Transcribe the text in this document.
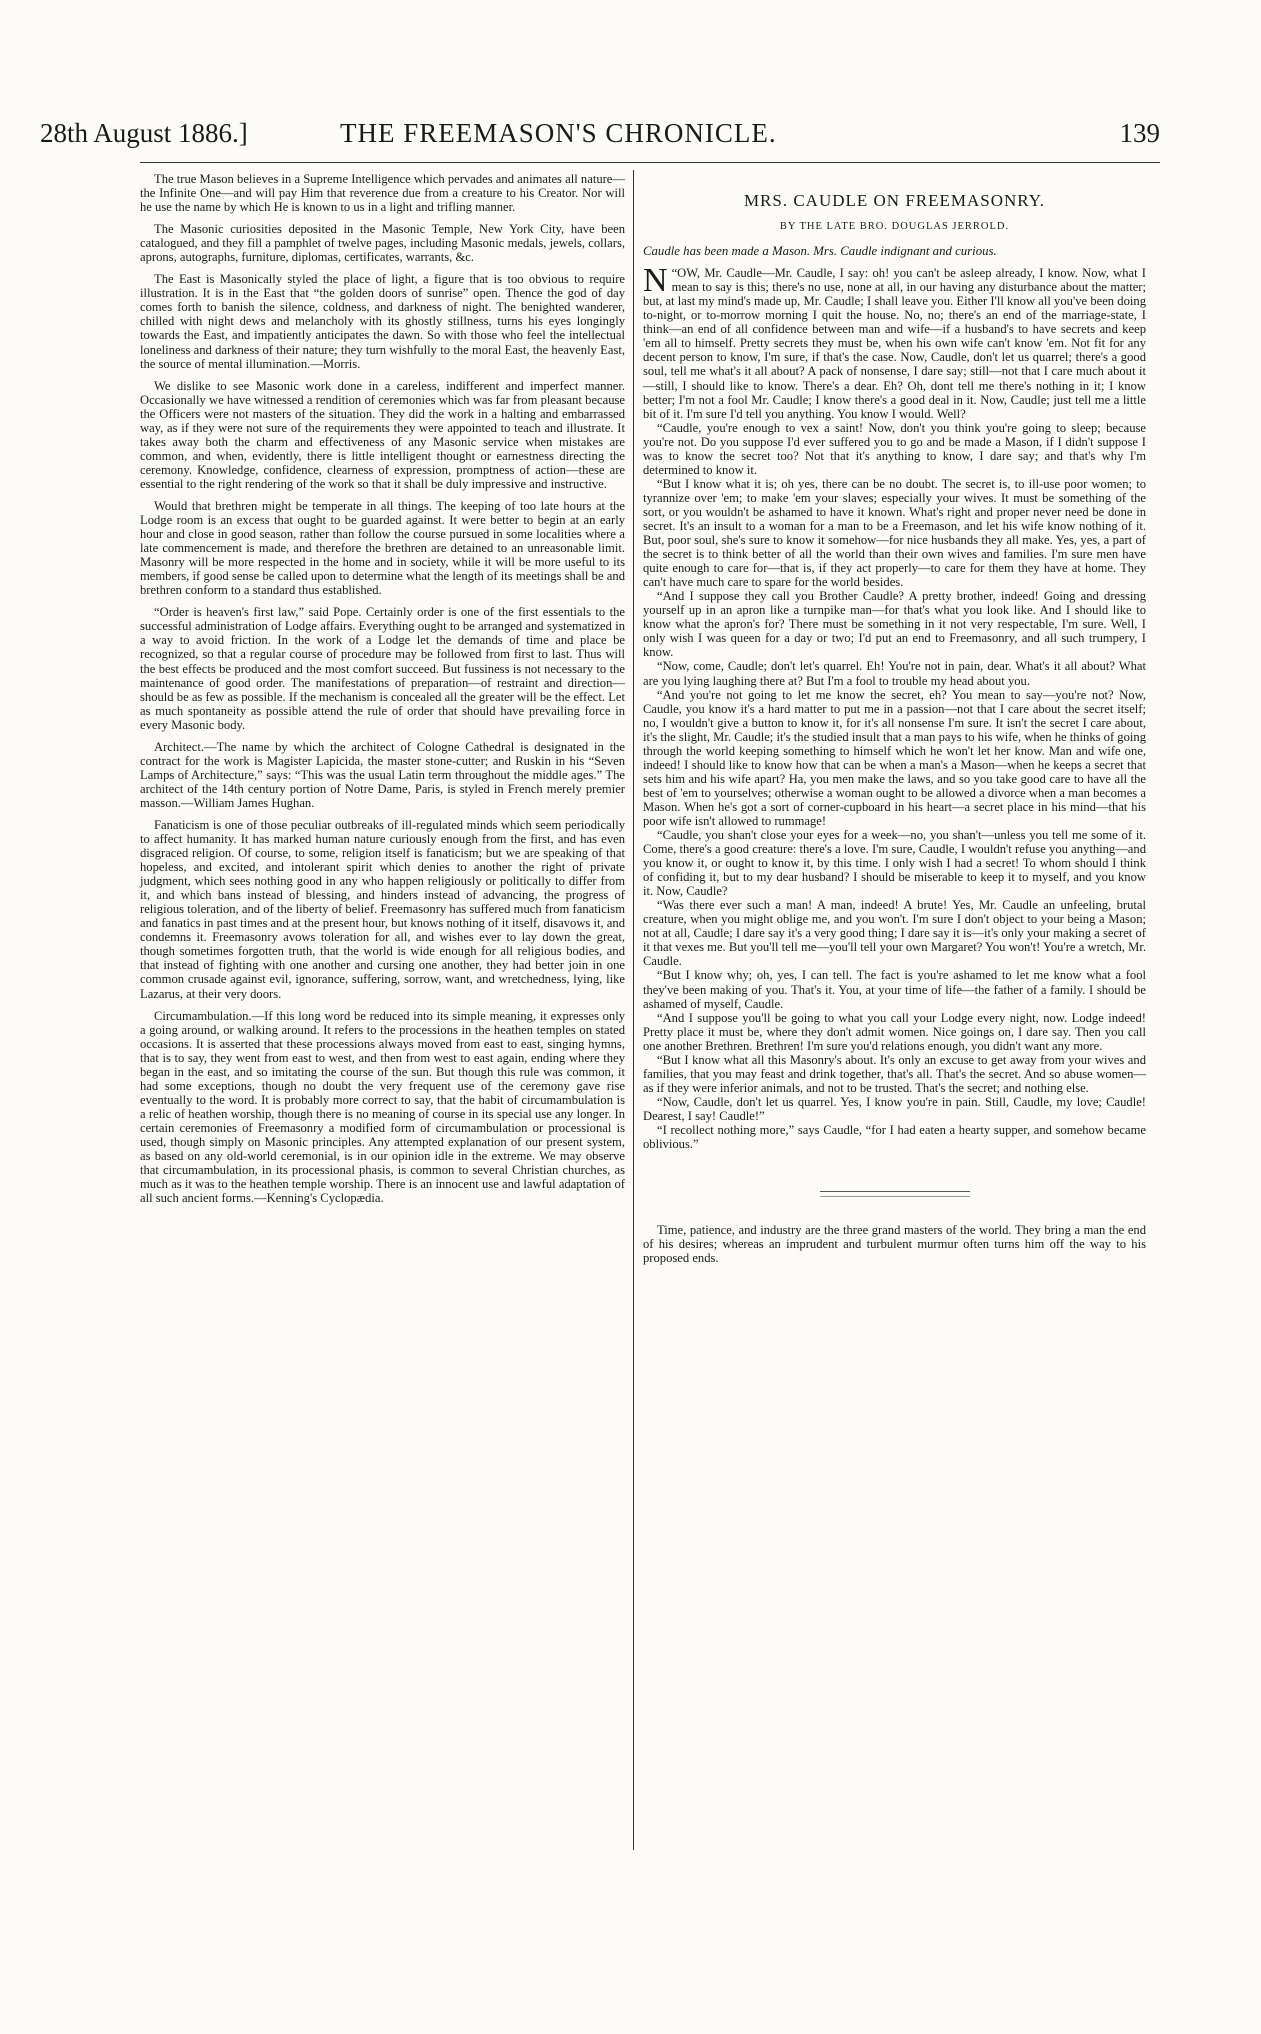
28th August 1886.]	THE FREEMASON'S CHRONICLE.	139

The true Mason believes in a Supreme Intelligence which pervades and animates all nature—the Infinite One—and will pay Him that reverence due from a creature to his Creator. Nor will he use the name by which He is known to us in a light and trifling manner.

The Masonic curiosities deposited in the Masonic Temple, New York City, have been catalogued, and they fill a pamphlet of twelve pages, including Masonic medals, jewels, collars, aprons, autographs, furniture, diplomas, certificates, warrants, &c.

The East is Masonically styled the place of light, a figure that is too obvious to require illustration. It is in the East that “the golden doors of sunrise” open. Thence the god of day comes forth to banish the silence, coldness, and darkness of night. The benighted wanderer, chilled with night dews and melancholy with its ghostly stillness, turns his eyes longingly towards the East, and impatiently anticipates the dawn. So with those who feel the intellectual loneliness and darkness of their nature; they turn wishfully to the moral East, the heavenly East, the source of mental illumination.—Morris.

We dislike to see Masonic work done in a careless, indifferent and imperfect manner. Occasionally we have witnessed a rendition of ceremonies which was far from pleasant because the Officers were not masters of the situation. They did the work in a halting and embarrassed way, as if they were not sure of the requirements they were appointed to teach and illustrate. It takes away both the charm and effectiveness of any Masonic service when mistakes are common, and when, evidently, there is little intelligent thought or earnestness directing the ceremony. Knowledge, confidence, clearness of expression, promptness of action—these are essential to the right rendering of the work so that it shall be duly impressive and instructive.

Would that brethren might be temperate in all things. The keeping of too late hours at the Lodge room is an excess that ought to be guarded against. It were better to begin at an early hour and close in good season, rather than follow the course pursued in some localities where a late commencement is made, and therefore the brethren are detained to an unreasonable limit. Masonry will be more respected in the home and in society, while it will be more useful to its members, if good sense be called upon to determine what the length of its meetings shall be and brethren conform to a standard thus established.

“Order is heaven's first law,” said Pope. Certainly order is one of the first essentials to the successful administration of Lodge affairs. Everything ought to be arranged and systematized in a way to avoid friction. In the work of a Lodge let the demands of time and place be recognized, so that a regular course of procedure may be followed from first to last. Thus will the best effects be produced and the most comfort succeed. But fussiness is not necessary to the maintenance of good order. The manifestations of preparation—of restraint and direction—should be as few as possible. If the mechanism is concealed all the greater will be the effect. Let as much spontaneity as possible attend the rule of order that should have prevailing force in every Masonic body.

Architect.—The name by which the architect of Cologne Cathedral is designated in the contract for the work is Magister Lapicida, the master stone-cutter; and Ruskin in his “Seven Lamps of Architecture,” says: “This was the usual Latin term throughout the middle ages.” The architect of the 14th century portion of Notre Dame, Paris, is styled in French merely premier masson.—William James Hughan.

Fanaticism is one of those peculiar outbreaks of ill-regulated minds which seem periodically to affect humanity. It has marked human nature curiously enough from the first, and has even disgraced religion. Of course, to some, religion itself is fanaticism; but we are speaking of that hopeless, and excited, and intolerant spirit which denies to another the right of private judgment, which sees nothing good in any who happen religiously or politically to differ from it, and which bans instead of blessing, and hinders instead of advancing, the progress of religious toleration, and of the liberty of belief. Freemasonry has suffered much from fanaticism and fanatics in past times and at the present hour, but knows nothing of it itself, disavows it, and condemns it. Freemasonry avows toleration for all, and wishes ever to lay down the great, though sometimes forgotten truth, that the world is wide enough for all religious bodies, and that instead of fighting with one another and cursing one another, they had better join in one common crusade against evil, ignorance, suffering, sorrow, want, and wretchedness, lying, like Lazarus, at their very doors.

Circumambulation.—If this long word be reduced into its simple meaning, it expresses only a going around, or walking around. It refers to the processions in the heathen temples on stated occasions. It is asserted that these processions always moved from east to east, singing hymns, that is to say, they went from east to west, and then from west to east again, ending where they began in the east, and so imitating the course of the sun. But though this rule was common, it had some exceptions, though no doubt the very frequent use of the ceremony gave rise eventually to the word. It is probably more correct to say, that the habit of circumambulation is a relic of heathen worship, though there is no meaning of course in its special use any longer. In certain ceremonies of Freemasonry a modified form of circumambulation or processional is used, though simply on Masonic principles. Any attempted explanation of our present system, as based on any old-world ceremonial, is in our opinion idle in the extreme. We may observe that circumambulation, in its processional phasis, is common to several Christian churches, as much as it was to the heathen temple worship. There is an innocent use and lawful adaptation of all such ancient forms.—Kenning's Cyclopædia.

MRS. CAUDLE ON FREEMASONRY.
BY THE LATE BRO. DOUGLAS JERROLD.
Caudle has been made a Mason. Mrs. Caudle indignant and curious.

“
N OW, Mr. Caudle—Mr. Caudle, I say: oh! you can't be asleep already, I know. Now, what I mean to say is this; there's no use, none at all, in our having any disturbance about the matter; but, at last my mind's made up, Mr. Caudle; I shall leave you. Either I'll know all you've been doing to-night, or to-morrow morning I quit the house. No, no; there's an end of the marriage-state, I think—an end of all confidence between man and wife—if a husband's to have secrets and keep 'em all to himself. Pretty secrets they must be, when his own wife can't know 'em. Not fit for any decent person to know, I'm sure, if that's the case. Now, Caudle, don't let us quarrel; there's a good soul, tell me what's it all about? A pack of nonsense, I dare say; still—not that I care much about it—still, I should like to know. There's a dear. Eh? Oh, dont tell me there's nothing in it; I know better; I'm not a fool Mr. Caudle; I know there's a good deal in it. Now, Caudle; just tell me a little bit of it. I'm sure I'd tell you anything. You know I would. Well?

“Caudle, you're enough to vex a saint! Now, don't you think you're going to sleep; because you're not. Do you suppose I'd ever suffered you to go and be made a Mason, if I didn't suppose I was to know the secret too? Not that it's anything to know, I dare say; and that's why I'm determined to know it.

“But I know what it is; oh yes, there can be no doubt. The secret is, to ill-use poor women; to tyrannize over 'em; to make 'em your slaves; especially your wives. It must be something of the sort, or you wouldn't be ashamed to have it known. What's right and proper never need be done in secret. It's an insult to a woman for a man to be a Freemason, and let his wife know nothing of it. But, poor soul, she's sure to know it somehow—for nice husbands they all make. Yes, yes, a part of the secret is to think better of all the world than their own wives and families. I'm sure men have quite enough to care for—that is, if they act properly—to care for them they have at home. They can't have much care to spare for the world besides.

“And I suppose they call you Brother Caudle? A pretty brother, indeed! Going and dressing yourself up in an apron like a turnpike man—for that's what you look like. And I should like to know what the apron's for? There must be something in it not very respectable, I'm sure. Well, I only wish I was queen for a day or two; I'd put an end to Freemasonry, and all such trumpery, I know.

“Now, come, Caudle; don't let's quarrel. Eh! You're not in pain, dear. What's it all about? What are you lying laughing there at? But I'm a fool to trouble my head about you.

“And you're not going to let me know the secret, eh? You mean to say—you're not? Now, Caudle, you know it's a hard matter to put me in a passion—not that I care about the secret itself; no, I wouldn't give a button to know it, for it's all nonsense I'm sure. It isn't the secret I care about, it's the slight, Mr. Caudle; it's the studied insult that a man pays to his wife, when he thinks of going through the world keeping something to himself which he won't let her know. Man and wife one, indeed! I should like to know how that can be when a man's a Mason—when he keeps a secret that sets him and his wife apart? Ha, you men make the laws, and so you take good care to have all the best of 'em to yourselves; otherwise a woman ought to be allowed a divorce when a man becomes a Mason. When he's got a sort of corner-cupboard in his heart—a secret place in his mind—that his poor wife isn't allowed to rummage!

“Caudle, you shan't close your eyes for a week—no, you shan't—unless you tell me some of it. Come, there's a good creature: there's a love. I'm sure, Caudle, I wouldn't refuse you anything—and you know it, or ought to know it, by this time. I only wish I had a secret! To whom should I think of confiding it, but to my dear husband? I should be miserable to keep it to myself, and you know it. Now, Caudle?

“Was there ever such a man! A man, indeed! A brute! Yes, Mr. Caudle an unfeeling, brutal creature, when you might oblige me, and you won't. I'm sure I don't object to your being a Mason; not at all, Caudle; I dare say it's a very good thing; I dare say it is—it's only your making a secret of it that vexes me. But you'll tell me—you'll tell your own Margaret? You won't! You're a wretch, Mr. Caudle.

“But I know why; oh, yes, I can tell. The fact is you're ashamed to let me know what a fool they've been making of you. That's it. You, at your time of life—the father of a family. I should be ashamed of myself, Caudle.

“And I suppose you'll be going to what you call your Lodge every night, now. Lodge indeed! Pretty place it must be, where they don't admit women. Nice goings on, I dare say. Then you call one another Brethren. Brethren! I'm sure you'd relations enough, you didn't want any more.

“But I know what all this Masonry's about. It's only an excuse to get away from your wives and families, that you may feast and drink together, that's all. That's the secret. And so abuse women—as if they were inferior animals, and not to be trusted. That's the secret; and nothing else.

“Now, Caudle, don't let us quarrel. Yes, I know you're in pain. Still, Caudle, my love; Caudle! Dearest, I say! Caudle!”

“I recollect nothing more,” says Caudle, “for I had eaten a hearty supper, and somehow became oblivious.”

Time, patience, and industry are the three grand masters of the world. They bring a man the end of his desires; whereas an imprudent and turbulent murmur often turns him off the way to his proposed ends.
